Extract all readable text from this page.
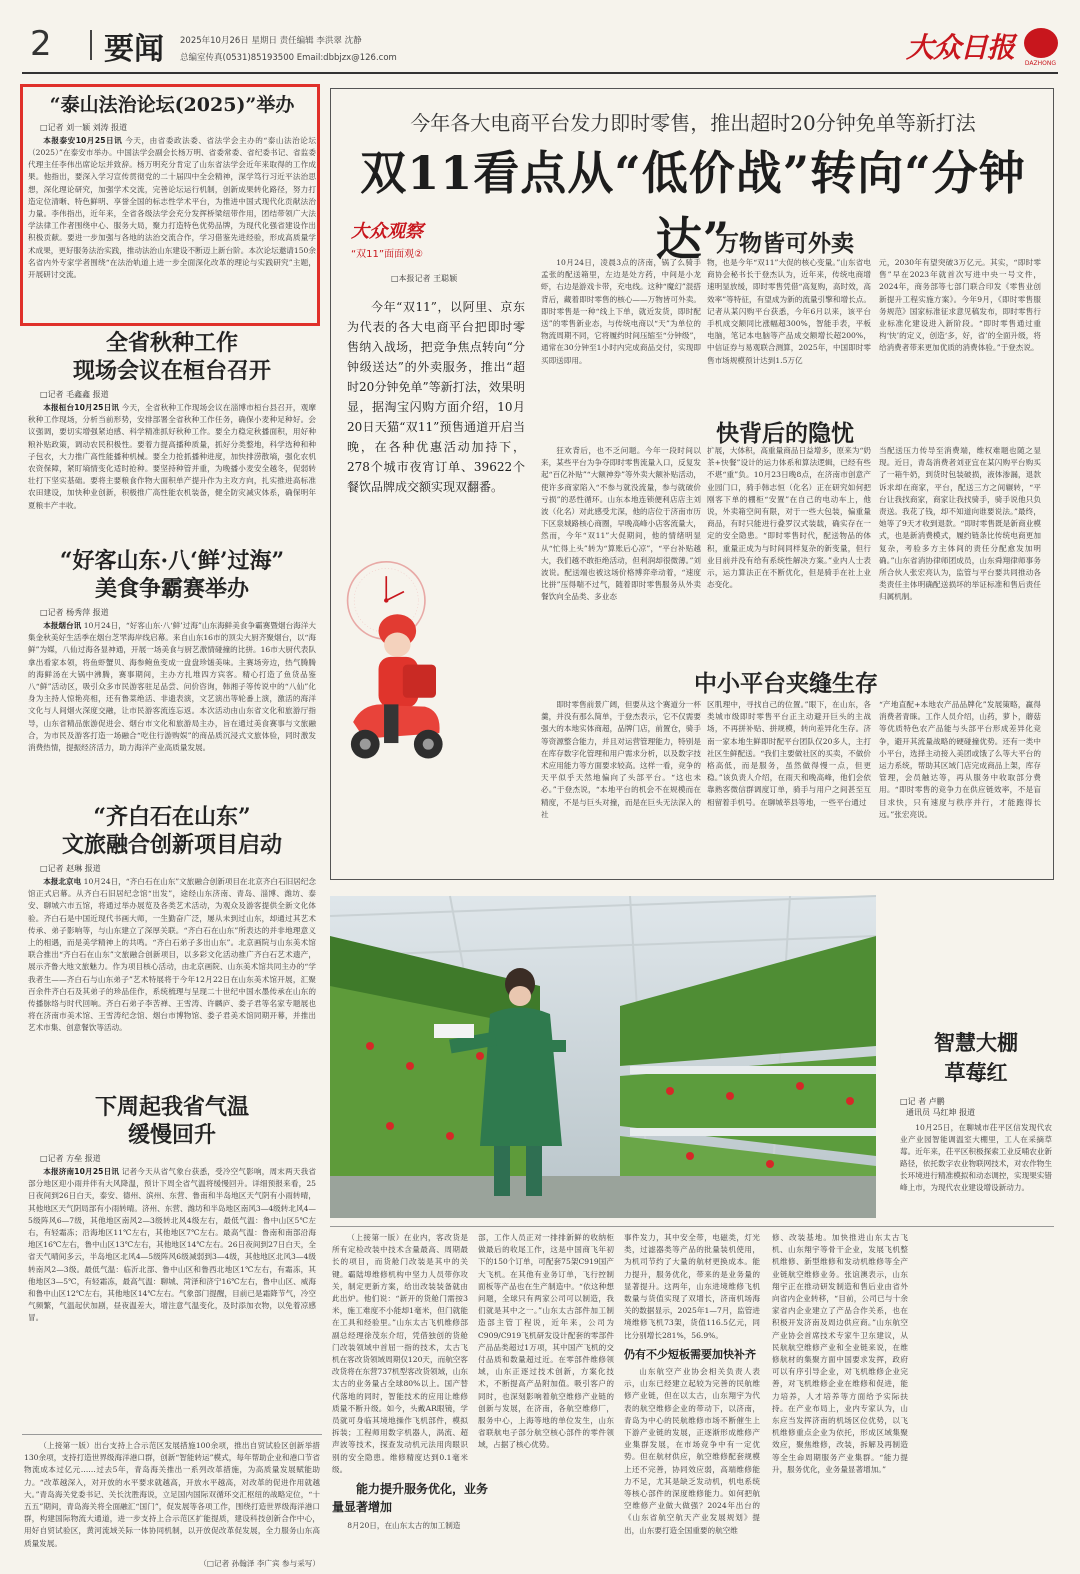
2 要闻 2025年10月26日 星期日 责任编辑 李洪翠 沈静
总编室传真(0531)85193500 Email:dbbjzx@126.com	大众日报 DAZHONG
“泰山法治论坛(2025)”举办
□记者 刘一颖 刘涛 报道
本报泰安10月25日讯 今天，由省委政法委、省法学会主办的“泰山法治论坛（2025）”在泰安市举办。中国法学会副会长杨万明、省委常委、省纪委书记、省监委代理主任李伟出席论坛并致辞。杨万明充分肯定了山东省法学会近年来取得的工作成果。他指出，要深入学习宣传贯彻党的二十届四中全会精神，深学笃行习近平法治思想，深化理论研究，加强学术交流，完善论坛运行机制，创新成果转化路径，努力打造定位清晰、特色鲜明、享誉全国的标志性学术平台，为推进中国式现代化贡献法治力量。李伟指出，近年来，全省各级法学会充分发挥桥梁纽带作用，团结带领广大法学法律工作者围绕中心、服务大局，聚力打造特色优势品牌，为现代化强省建设作出积极贡献。要进一步加强与各地的法治交流合作，学习借鉴先进经验，形成高质量学术成果，更好服务法治实践，推动法治山东建设不断迈上新台阶。本次论坛邀请150余名省内外专家学者围绕“在法治轨道上进一步全面深化改革的理论与实践研究”主题，开展研讨交流。
全省秋种工作
现场会议在桓台召开
□记者 毛鑫鑫 报道
本报桓台10月25日讯 今天，全省秋种工作现场会议在淄博市桓台县召开，观摩秋种工作现场，分析当前形势，安排部署全省秋种工作任务，确保小麦种足种好。会议强调，要切实增强紧迫感、科学精准抓好秋种工作。要全力稳定秋播面积，用好种粮补贴政策，调动农民积极性。要着力提高播种质量，抓好分类整地，科学选种和种子包衣，大力推广高性能播种机械。要全力抢抓播种进度，加快排涝散墒，强化农机农资保障，紧盯墒情变化适时抢种。要坚持种管并重，为晚播小麦安全越冬，促弱转壮打下坚实基础。要将主要粮食作物大面积单产提升作为主攻方向，扎实推进高标准农田建设，加快种业创新，积极推广高性能农机装备，健全防灾减灾体系，确保明年夏粮丰产丰收。
“好客山东·八‘鲜’过海”
美食争霸赛举办
□记者 杨秀萍 报道
本报烟台讯 10月24日，“好客山东·八‘鲜’过海”山东海鲜美食争霸赛暨烟台海洋大集金秋美好生活季在烟台芝罘海岸线启幕。来自山东16市的顶尖大厨齐聚烟台，以“海鲜”为媒，八仙过海各显神通，开展一场美食与厨艺激情碰撞的比拼。16市大厨代表队拿出看家本领，将鱼虾蟹贝、海参鲍鱼变成一盘盘珍馐美味。主赛场旁边，热气腾腾的海鲜汤在大锅中沸腾，赛事期间，主办方扎堆四方宾客。精心打造了鱼货品鉴八“鲜”活动区，吸引众多市民游客驻足品尝、问价咨询，韩湘子等传说中的“八仙”化身为主持人惊艳亮相，还有鲁菜绝活、非遗表演，文艺演出等轮番上演，激活的海洋文化与人间烟火深度交融，让市民游客流连忘返。本次活动由山东省文化和旅游厅指导，山东省精品旅游促进会、烟台市文化和旅游局主办，旨在通过美食赛事与文旅融合，为市民及游客打造一场融合“吃住行游购娱”的商品质沉浸式文旅体验，同时激发消费热情，提振经济活力，助力海洋产业高质量发展。
“齐白石在山东”
文旅融合创新项目启动
□记者 赵琳 报道
本报北京电 10月24日，“齐白石在山东”文旅融合创新项目在北京齐白石旧居纪念馆正式启幕。从齐白石旧居纪念馆“出发”，途经山东济南、青岛、淄博、潍坊、泰安、聊城六市五馆，将通过举办展览及各类艺术活动，为观众及游客提供全新文化体验。齐白石是中国近现代书画大师，一生勤奋广泛，屡从未到过山东，却通过其艺术传承、弟子影响等，与山东建立了深厚关联。“齐白石在山东”所表达的并非地理意义上的相遇，而是美学精神上的共鸣。“齐白石弟子多出山东”。北京画院与山东美术馆联合推出“齐白石在山东”文旅融合创新项目，以多彩文化活动推广齐白石艺术遗产，展示齐鲁大地文旅魅力。作为项目核心活动，由北京画院、山东美术馆共同主办的“学我者生——齐白石与山东弟子”艺术特展将于今年12月22日在山东美术馆开展，汇聚百余件齐白石及其弟子的珍品佳作，系统梳理与呈现二十世纪中国水墨传承在山东的传播脉络与时代回响。齐白石弟子李苦禅、王雪涛、许麟庐、娄子君等名家专题展也将在济南市美术馆、王雪涛纪念馆、烟台市博物馆、娄子君美术馆同期开幕，并推出艺术市集、创意餐饮等活动。
下周起我省气温
缓慢回升
□记者 方垒 报道
本报济南10月25日讯 记者今天从省气象台获悉，受冷空气影响，周末两天我省部分地区迎小雨并伴有大风降温，预计下周全省气温将缓慢回升。详细预报来看，25日夜间到26日白天，泰安、德州、滨州、东营、鲁南和半岛地区天气阴有小雨转晴，其他地区天气阴局部有小雨转晴。济州、东营、潍坊和半岛地区南风3—4级转北风4—5级阵风6—7级，其他地区南风2—3级转北风4级左右，最低气温：鲁中山区5℃左右，有轻霜冻；沿海地区11℃左右，其他地区7℃左右。最高气温：鲁南和南部沿海地区16℃左右，鲁中山区13℃左右，其他地区14℃左右。26日夜间到27日白天，全省天气晴间多云，半岛地区北风4—5级阵风6级减弱到3—4级，其他地区北风3—4级转南风2—3级。最低气温：临沂北部、鲁中山区和鲁西北地区1℃左右，有霜冻，其他地区3—5℃，有轻霜冻，最高气温：聊城、菏泽和济宁16℃左右，鲁中山区、威海和鲁中山区12℃左右，其他地区14℃左右。气象部门提醒，目前已是霜降节气，冷空气频繁，气温起伏加剧，昼夜温差大，增注意气温变化，及时添加衣物，以免着凉感冒。
（上接第一版）出台支持上合示范区发展措施100余项，推出自贸试验区创新举措130余项，支持打造世界级海洋港口群，创新“智能转运”模式，每年帮助企业和港口节省物流成本过亿元……过去5年，青岛海关推出一系列改革措施，为高质量发展赋能助力。“改革越深入，对开放的水平要求就越高，开放水平越高，对改革的促进作用就越大。”青岛海关党委书记、关长沈胜海说，立足国内国际双循环交汇枢纽的战略定位，“十五五”期间，青岛海关将全面融汇“国门”，促发展等各项工作，围绕打造世界级海洋港口群，构建国际物流大通道，进一步支持上合示范区扩能提质，建设科技创新合作中心，用好自贸试验区，黄河流域关际一体协同机制，以开放促改革促发展，全力服务山东高质量发展。
（□记者 孙翰泽 李广宾 参与采写）
今年各大电商平台发力即时零售，推出超时20分钟免单等新打法
双11看点从“低价战”转向“分钟达”
大众观察
“双11”面面观②
□本报记者 王聪颖
今年“双11”，以阿里、京东为代表的各大电商平台把即时零售纳入战场，把竞争焦点转向“分钟级送达”的外卖服务，推出“超时20分钟免单”等新打法，效果明显，据淘宝闪购方面介绍，10月20日天猫“双11”预售通道开启当晚，在各种优惠活动加持下，278个城市夜宵订单、39622个餐饮品牌成交额实现双翻番。
万物皆可外卖
10月24日，凌晨3点的济南，锅了么骑手孟张的配送箱里，左边是处方药，中间是小龙虾，右边是游戏卡带，充电线。这种“魔幻”混搭背后，藏着即时零售的核心——万物皆可外卖。即时零售是一种“线上下单，就近发货，即时配送”的零售新业态，与传统电商以“天”为单位的物流周期不同，它将履约时间压缩至“分钟级”，通常在30分钟至1小时内完成商品交付，实现即买即送即用。
物，也是今年“双11”大促的核心变量。”山东省电商协会秘书长于登杰认为，近年来，传统电商增速明显放缓，即时零售凭借“高复购，高时效，高效率”等特征，有望成为新的流量引擎和增长点。记者从某闪购平台获悉，今年6月以来，该平台手机成交额同比涨幅超300%，智能手表，平板电脑，笔记本电脑等产品成交额增长超200%，中信证券与易观联合测算，2025年，中国即时零售市场规模预计达到1.5万亿
元，2030年有望突破3万亿元。其实，“即时零售”早在2023年就首次写进中央一号文件，2024年，商务部等七部门联合印发《零售业创新提升工程实施方案》。今年9月，《即时零售服务规范》国家标准征求意见稿发布，即时零售行业标准化建设进入新阶段。“即时零售通过重构‘快’的定义，创造‘多，好，省’的全面升级，将给消费者带来更加优质的消费体验。”于登杰说。
快背后的隐忧
狂欢背后，也不乏问题。今年一段时间以来，某些平台为争夺即时零售流量入口，反复发起“百亿补贴”“大额神券”等外卖大额补贴活动，使许多商家陷入“不参与就没流量，参与就破价亏损”的恶性循环。山东本地连锁便利店店主刘波（化名）对此感受尤深，他的店位于济南市历下区泉城路核心商圈，早晚高峰小店客流量大，然而，今年“双11”大促期间，他的情绪明显从“忙得上头”转为“算账后心凉”，“平台补贴越大，我们越不敢拒绝活动，但利润却很微薄。”刘波说。配送端也被这场价格博弈牵动着，“速度比拼”压得喘不过气，随着即时零售服务从外卖餐饮向全品类、多业态
扩展，大体积，高重量商品日益增多，原来为“奶茶+快餐”设计的运力体系和算法逻辑，已经有些不堪“重”负。10月23日晚8点，在济南市创意产业园门口，骑手韩志恒（化名）正在研究如何把刚客下单的棚柜“安置”在自己的电动车上，他说，外卖箱空间有限，对于一些大包装，偏重量商品，有时只能进行叠罗汉式装载，确实存在一定的安全隐患。“即时零售时代，配送物品的体积，重量正成为与时间同样复杂的新变量，但行业目前并没有给有系统性解决方案。”业内人士表示，运力算法正在不断优化，但是骑手在社上业态变化。
当配送压力传导至消费端，维权难题也随之显现。近日，青岛消费者刘亚宜在某闪购平台购买了一箱牛奶，到货时包装破损，液体渗漏，退款诉求却在商家，平台，配送三方之间辗转，“平台让我找商家，商家让我找骑手，骑手说他只负责送。我花了钱，却不知道向谁要说法。”最终，她等了9天才收到退款。“即时零售既是新商业模式，也是新消费模式，履约链条比传统电商更加复杂，考验多方主体间的责任分配愈发加明确。”山东省消协律师团成员，山东舜翔律师事务所合伙人张宏亮认为，监管与平台要共同推动各类责任主体明确配送损坏的举证标准和售后责任归属机制。
中小平台夹缝生存
即时零售前景广阔，但要从这个赛道分一杯羹，并没有那么简单，于登杰表示，它不仅需要强大的本地实体商超，品牌门店，前置仓，骑手等资源整合能力，并且对运营管理能力，特别是在库存数字化管理和用户需求分析，以及数字技术应用能力等方面要求较高。这样一看，竞争的天平似乎天然地偏向了头部平台。“这也未必。”于登杰说，“本地平台的机会不在规模而在精度，不是与巨头对撞，而是在巨头无法深入的社
区肌理中，寻找自己的位置。”眼下，在山东，各类城市级即时零售平台正主动避开巨头的主战场，不再拼补贴、拼规模，转向差异化生存。济南一家本地生鲜即时配平台团队仅20多人，主打社区生鲜配送。“我们主要做社区的买卖，不做价格高低，而是服务，虽然做得慢一点，但更稳。”该负责人介绍，在雨天和晚高峰，他们会依靠熟客微信群调度订单，骑手与用户之间甚至互相留着手机号。在聊城莘县等地，一些平台通过
“产地直配+本地农产品品牌化”发展策略，赢得消费者青睐。工作人员介绍，山药，萝卜，蘑菇等优质特色农产品能与头部平台形成差异化竞争，避开其流量战略的硬碰撞优势。还有一类中小平台，选择主动接入美团或饿了么等大平台的运力系统，帮助其区域门店完成商品上架，库存管理，会员触达等，再从服务中收取部分费用。“即时零售的竞争力在供应链效率，不是盲目求快，只有速度与秩序并行，才能跑得长远。”张宏亮说。
智慧大棚
草莓红
□记 者 卢鹏
通讯员 马红坤 报道
10月25日，在聊城市茌平区信发现代农业产业园智能调温室大棚里，工人在采摘草莓。近年来，茌平区积极探索工业反哺农业新路径，依托数字农业物联网技术，对农作物生长环境进行精准模拟和动态调控，实现果实错峰上市，为现代农业建设增设新动力。
（上接第一版）在业内，客改货是所有定检改装中技术含量最高、周期最长的项目，而货舱门改装是其中的关键。霸陆埠维修机构中坚力人员带你攻关，制定更新方案，给出改装装备就由此出炉。他们说：“新开的货舱门需按3米，施工难度不小能却1毫米，但门就能在工具和经验里。”山东太古飞机维修部副总经理徐茂东介绍，凭借独创的货舱门改装领域中首屈一指的技术，太古飞机在客改货领域周期仅120天，而航空客改货将在东营737机型客改货领域，山东太古的业务量占全球80%以上。国产替代落地的同时，智能技术的应用让维修质量不断升级。如今，头戴AR眼镜，学员就可身临其境地操作飞机部件，模拟拆装；工程师用数字机器人，涡流、超声波等技术，探查发动机元法用肉眼识别的安全隐患。维修精度达到0.1毫米级。
能力提升服务优化，业务
量显著增加
8月20日，在山东太古的加工制造
部，工作人员正对一排排新鲜的收纳柜做最后的收尾工作，这是中国商飞年初下的150个订单，可配套75架C919国产大飞机。在其他有业务订单，飞行控制面板等产品也在生产制造中。“依这种想问题，全球只有两家公司可以制造，我们就是其中之一。”山东太古部件加工制造部主管丁程说，近年来，公司为C909/C919飞机研发设计配套的零部件产品品类超过1万项，其中国产飞机的交付品质和数量超过近。在零部件维修领域，山东正逐过技术创新，方案化技术，不断提高产品附加值。吸引客户的同时，也深刻影响着航空维修产业链的创新与发展，在济南，各航空维修厂，服务中心，上海等地的单位发生，山东省联航电子部分航空核心部件的零件领域，占据了核心优势。
事件发力，其中安全带，电磁类，灯光类，过滤器类等产品的批量装机使用，为机司节约了大量的航材更换成本。能力提升，服务优化，带来的是业务量的显著提升。这两年，山东进境维修飞机数量与货值实现了双增长，济南机场海关的数据显示，2025年1—7月，监管进境维修飞机73架，货值116.5亿元，同比分别增长281%，56.9%。
仍有不少短板需要加快补齐
山东航空产业协会相关负责人表示，山东已经建立起较为完善的民航维修产业链，但在以太古，山东翔宇为代表的航空维修企业的带动下，以济南，青岛为中心的民航维修市场不断催生上下游产业链的发展，正逐渐形成维修产业集群发展，在市场竞争中有一定优势。但在航材供应，航空维修配套规模上还不完善，协同效应弱，高端维修能力不足，尤其是缺乏发动机，机电系统等核心部件的深度维修能力。如何把航空维修产业做大做强？2024年出台的《山东省航空航天产业发展规划》提出，山东要打造全国重要的航空维
修、改装基地。加快推进山东太古飞机、山东翔宇等骨干企业，发展飞机整机维修、新型维修和发动机维修等全产业链航空维修业务。张谊澳表示，山东翔宇正在推动研发制造和售后业由省外向省内企业转移，“目前，公司已与十余家省内企业建立了产品合作关系，也在积极开发济南及周边供应商。”山东航空产业协会首席技术专家牛卫东建议，从民航航空维修产业和全业链来说，在维修航材的集聚方面中国要求发挥，政府可以有序引导企业，对飞机维修企业完善，对飞机维修企业在维修和促进，能力培养，人才培养等方面给予实际扶持。在产业布局上，业内专家认为，山东应当发挥济南的机场区位优势，以飞机维修重点企业为依托，形成区域集聚效应，聚焦维修，改装，拆解及再制造等全生命周期服务产业集群。“能力提升，服务优化，业务量显著增加。”
